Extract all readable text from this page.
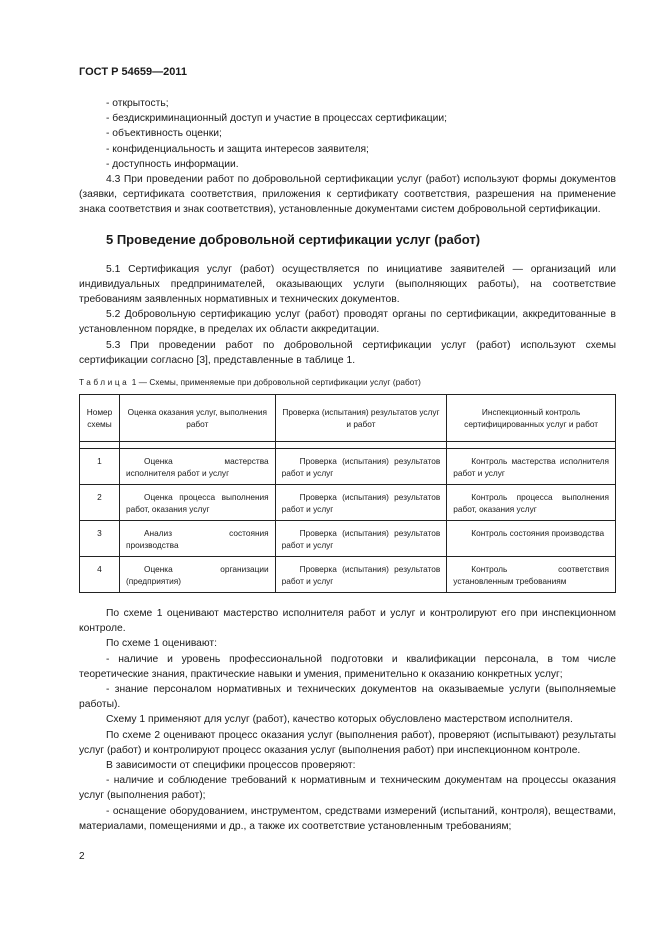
ГОСТ Р 54659—2011

- открытость;

- бездискриминационный доступ и участие в процессах сертификации;

- объективность оценки;

- конфиденциальность и защита интересов заявителя;

- доступность информации.

4.3 При проведении работ по добровольной сертификации услуг (работ) используют формы документов (заявки, сертификата соответствия, приложения к сертификату соответствия, разрешения на применение знака соответствия и знак соответствия), установленные документами систем добровольной сертификации.

5 Проведение добровольной сертификации услуг (работ)

5.1 Сертификация услуг (работ) осуществляется по инициативе заявителей — организаций или индивидуальных предпринимателей, оказывающих услуги (выполняющих работы), на соответствие требованиям заявленных нормативных и технических документов.

5.2 Добровольную сертификацию услуг (работ) проводят органы по сертификации, аккредитованные в установленном порядке, в пределах их области аккредитации.

5.3 При проведении работ по добровольной сертификации услуг (работ) используют схемы сертификации согласно [3], представленные в таблице 1.

Таблица 1 — Схемы, применяемые при добровольной сертификации услуг (работ)

Номер схемы	Оценка оказания услуг, выполнения работ	Проверка (испытания) результатов услуг и работ	Инспекционный контроль сертифицированных услуг и работ

1	Оценка мастерства исполнителя работ и услуг	Проверка (испытания) результатов работ и услуг	Контроль мастерства исполнителя работ и услуг

2	Оценка процесса выполнения работ, оказания услуг	Проверка (испытания) результатов работ и услуг	Контроль процесса выполнения работ, оказания услуг

3	Анализ состояния производства	Проверка (испытания) результатов работ и услуг	Контроль состояния производства

4	Оценка организации (предприятия)	Проверка (испытания) результатов работ и услуг	Контроль соответствия установленным требованиям

По схеме 1 оценивают мастерство исполнителя работ и услуг и контролируют его при инспекционном контроле.

По схеме 1 оценивают:

- наличие и уровень профессиональной подготовки и квалификации персонала, в том числе теоретические знания, практические навыки и умения, применительно к оказанию конкретных услуг;

- знание персоналом нормативных и технических документов на оказываемые услуги (выполняемые работы).

Схему 1 применяют для услуг (работ), качество которых обусловлено мастерством исполнителя.

По схеме 2 оценивают процесс оказания услуг (выполнения работ), проверяют (испытывают) результаты услуг (работ) и контролируют процесс оказания услуг (выполнения работ) при инспекционном контроле.

В зависимости от специфики процессов проверяют:

- наличие и соблюдение требований к нормативным и техническим документам на процессы оказания услуг (выполнения работ);

- оснащение оборудованием, инструментом, средствами измерений (испытаний, контроля), веществами, материалами, помещениями и др., а также их соответствие установленным требованиям;

2
